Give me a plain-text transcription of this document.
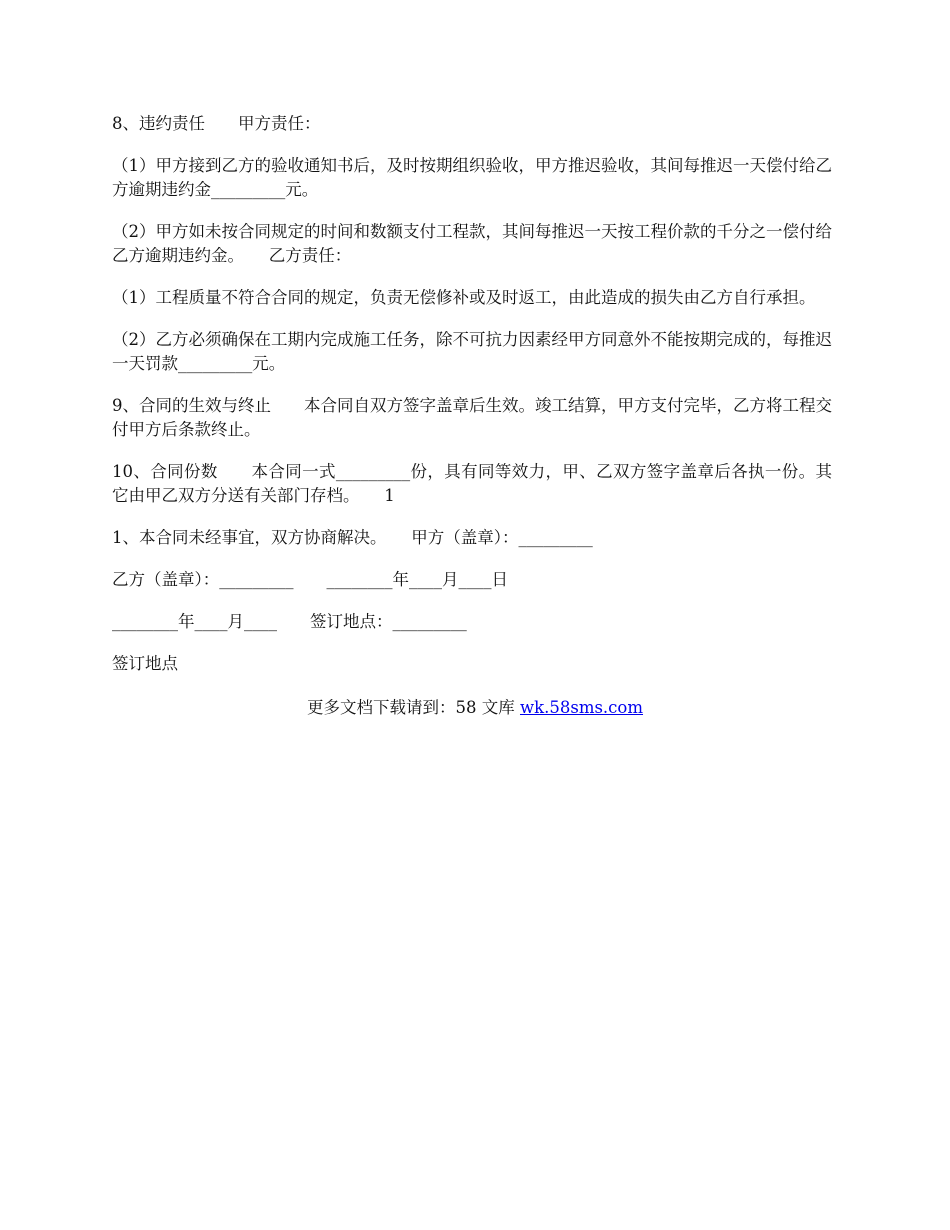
8、违约责任　　甲方责任：

（1）甲方接到乙方的验收通知书后，及时按期组织验收，甲方推迟验收，其间每推迟一天偿付给乙方逾期违约金_________元。

（2）甲方如未按合同规定的时间和数额支付工程款，其间每推迟一天按工程价款的千分之一偿付给乙方逾期违约金。　　乙方责任：

（1）工程质量不符合合同的规定，负责无偿修补或及时返工，由此造成的损失由乙方自行承担。

（2）乙方必须确保在工期内完成施工任务，除不可抗力因素经甲方同意外不能按期完成的，每推迟一天罚款_________元。

9、合同的生效与终止　　本合同自双方签字盖章后生效。竣工结算，甲方支付完毕，乙方将工程交付甲方后条款终止。

10、合同份数　　本合同一式_________份，具有同等效力，甲、乙双方签字盖章后各执一份。其它由甲乙双方分送有关部门存档。　　1

1、本合同未经事宜，双方协商解决。　　甲方（盖章）：_________

乙方（盖章）：_________　　________年____月____日

________年____月____　　签订地点：_________

签订地点

更多文档下载请到：58 文库 wk.58sms.com
